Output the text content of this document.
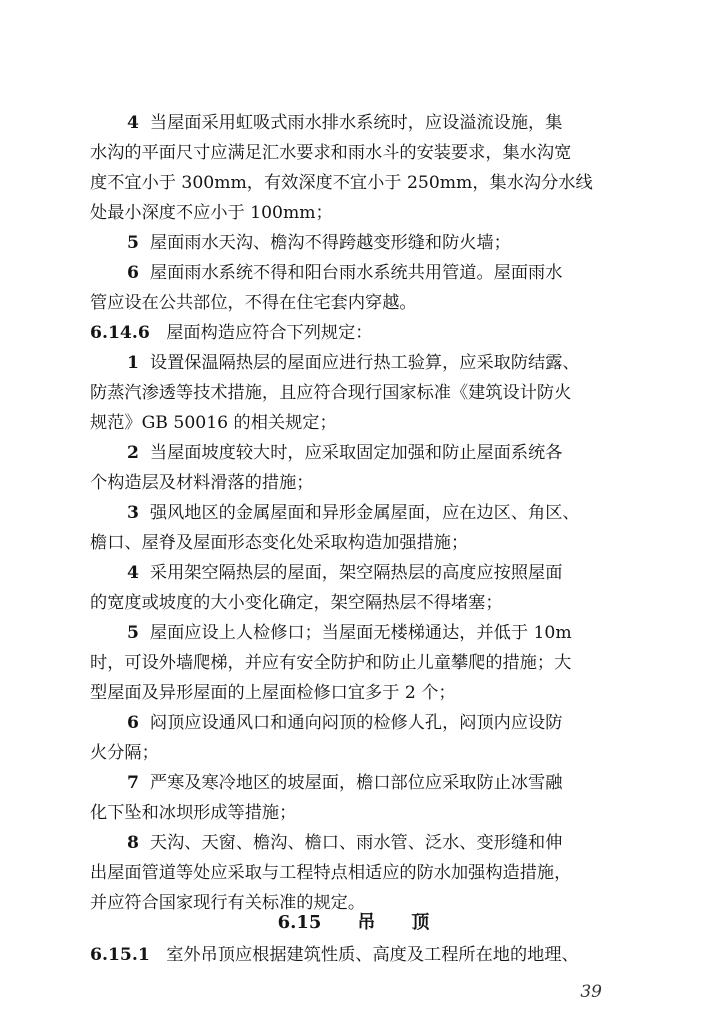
4 当屋面采用虹吸式雨水排水系统时，应设溢流设施，集
水沟的平面尺寸应满足汇水要求和雨水斗的安装要求，集水沟宽
度不宜小于 300mm，有效深度不宜小于 250mm，集水沟分水线
处最小深度不应小于 100mm；
5 屋面雨水天沟、檐沟不得跨越变形缝和防火墙；
6 屋面雨水系统不得和阳台雨水系统共用管道。屋面雨水
管应设在公共部位，不得在住宅套内穿越。
6.14.6 屋面构造应符合下列规定：
1 设置保温隔热层的屋面应进行热工验算，应采取防结露、
防蒸汽渗透等技术措施，且应符合现行国家标准《建筑设计防火
规范》GB 50016 的相关规定；
2 当屋面坡度较大时，应采取固定加强和防止屋面系统各
个构造层及材料滑落的措施；
3 强风地区的金属屋面和异形金属屋面，应在边区、角区、
檐口、屋脊及屋面形态变化处采取构造加强措施；
4 采用架空隔热层的屋面，架空隔热层的高度应按照屋面
的宽度或坡度的大小变化确定，架空隔热层不得堵塞；
5 屋面应设上人检修口；当屋面无楼梯通达，并低于 10m
时，可设外墙爬梯，并应有安全防护和防止儿童攀爬的措施；大
型屋面及异形屋面的上屋面检修口宜多于 2 个；
6 闷顶应设通风口和通向闷顶的检修人孔，闷顶内应设防
火分隔；
7 严寒及寒冷地区的坡屋面，檐口部位应采取防止冰雪融
化下坠和冰坝形成等措施；
8 天沟、天窗、檐沟、檐口、雨水管、泛水、变形缝和伸
6.15 吊 顶
6.15.1 室外吊顶应根据建筑性质、高度及工程所在地的地理、
39
出屋面管道等处应采取与工程特点相适应的防水加强构造措施，
并应符合国家现行有关标准的规定。
